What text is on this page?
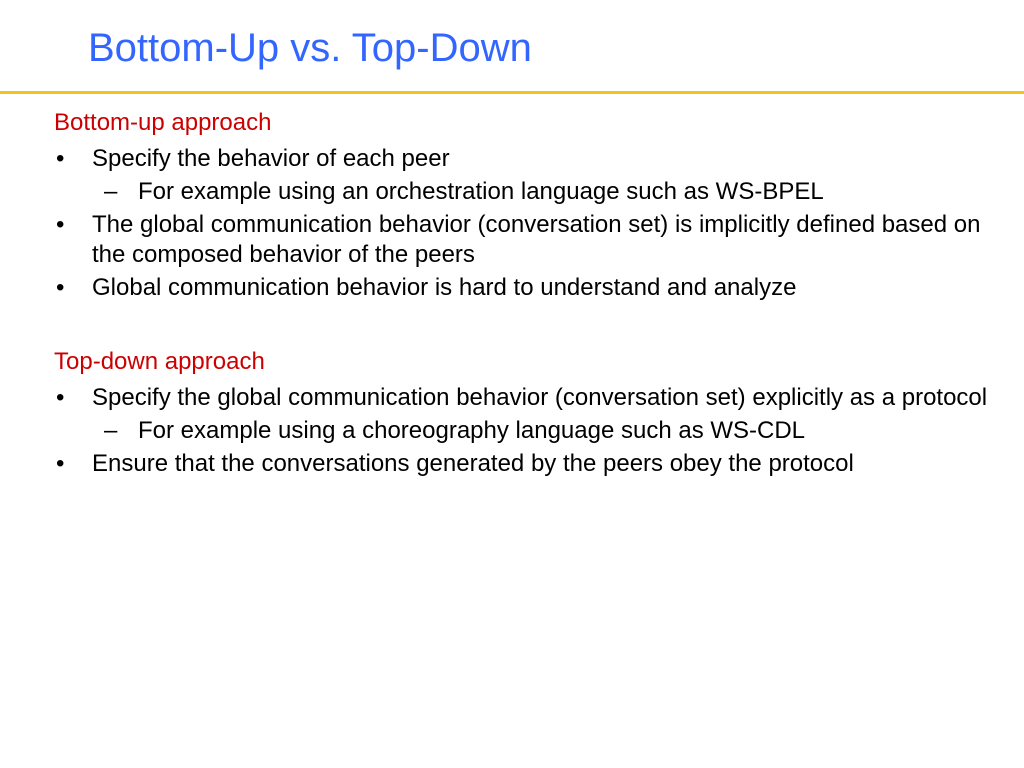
Bottom-Up vs. Top-Down
Bottom-up approach
• Specify the behavior of each peer
– For example using an orchestration language such as WS-BPEL
• The global communication behavior (conversation set) is implicitly defined based on the composed behavior of the peers
• Global communication behavior is hard to understand and analyze
Top-down approach
• Specify the global communication behavior (conversation set) explicitly as a protocol
– For example using a choreography language such as WS-CDL
• Ensure that the conversations generated by the peers obey the protocol
